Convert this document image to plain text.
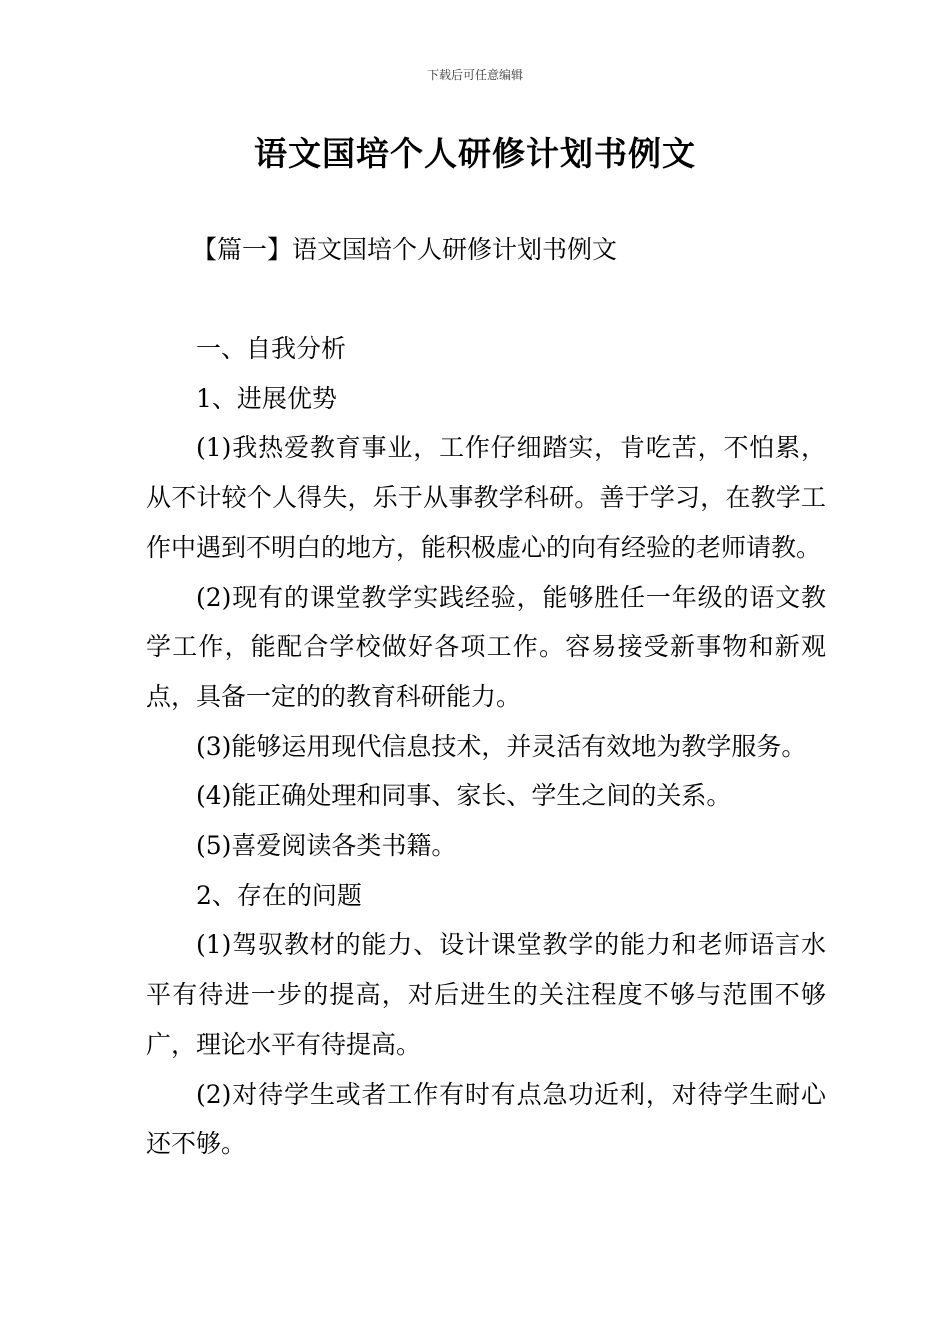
下载后可任意编辑
语文国培个人研修计划书例文
【篇一】语文国培个人研修计划书例文

一、自我分析

1、进展优势

(1)我热爱教育事业，工作仔细踏实，肯吃苦，不怕累，从不计较个人得失，乐于从事教学科研。善于学习，在教学工作中遇到不明白的地方，能积极虚心的向有经验的老师请教。

(2)现有的课堂教学实践经验，能够胜任一年级的语文教学工作，能配合学校做好各项工作。容易接受新事物和新观点，具备一定的的教育科研能力。

(3)能够运用现代信息技术，并灵活有效地为教学服务。

(4)能正确处理和同事、家长、学生之间的关系。

(5)喜爱阅读各类书籍。

2、存在的问题

(1)驾驭教材的能力、设计课堂教学的能力和老师语言水平有待进一步的提高，对后进生的关注程度不够与范围不够广，理论水平有待提高。

(2)对待学生或者工作有时有点急功近利，对待学生耐心还不够。
